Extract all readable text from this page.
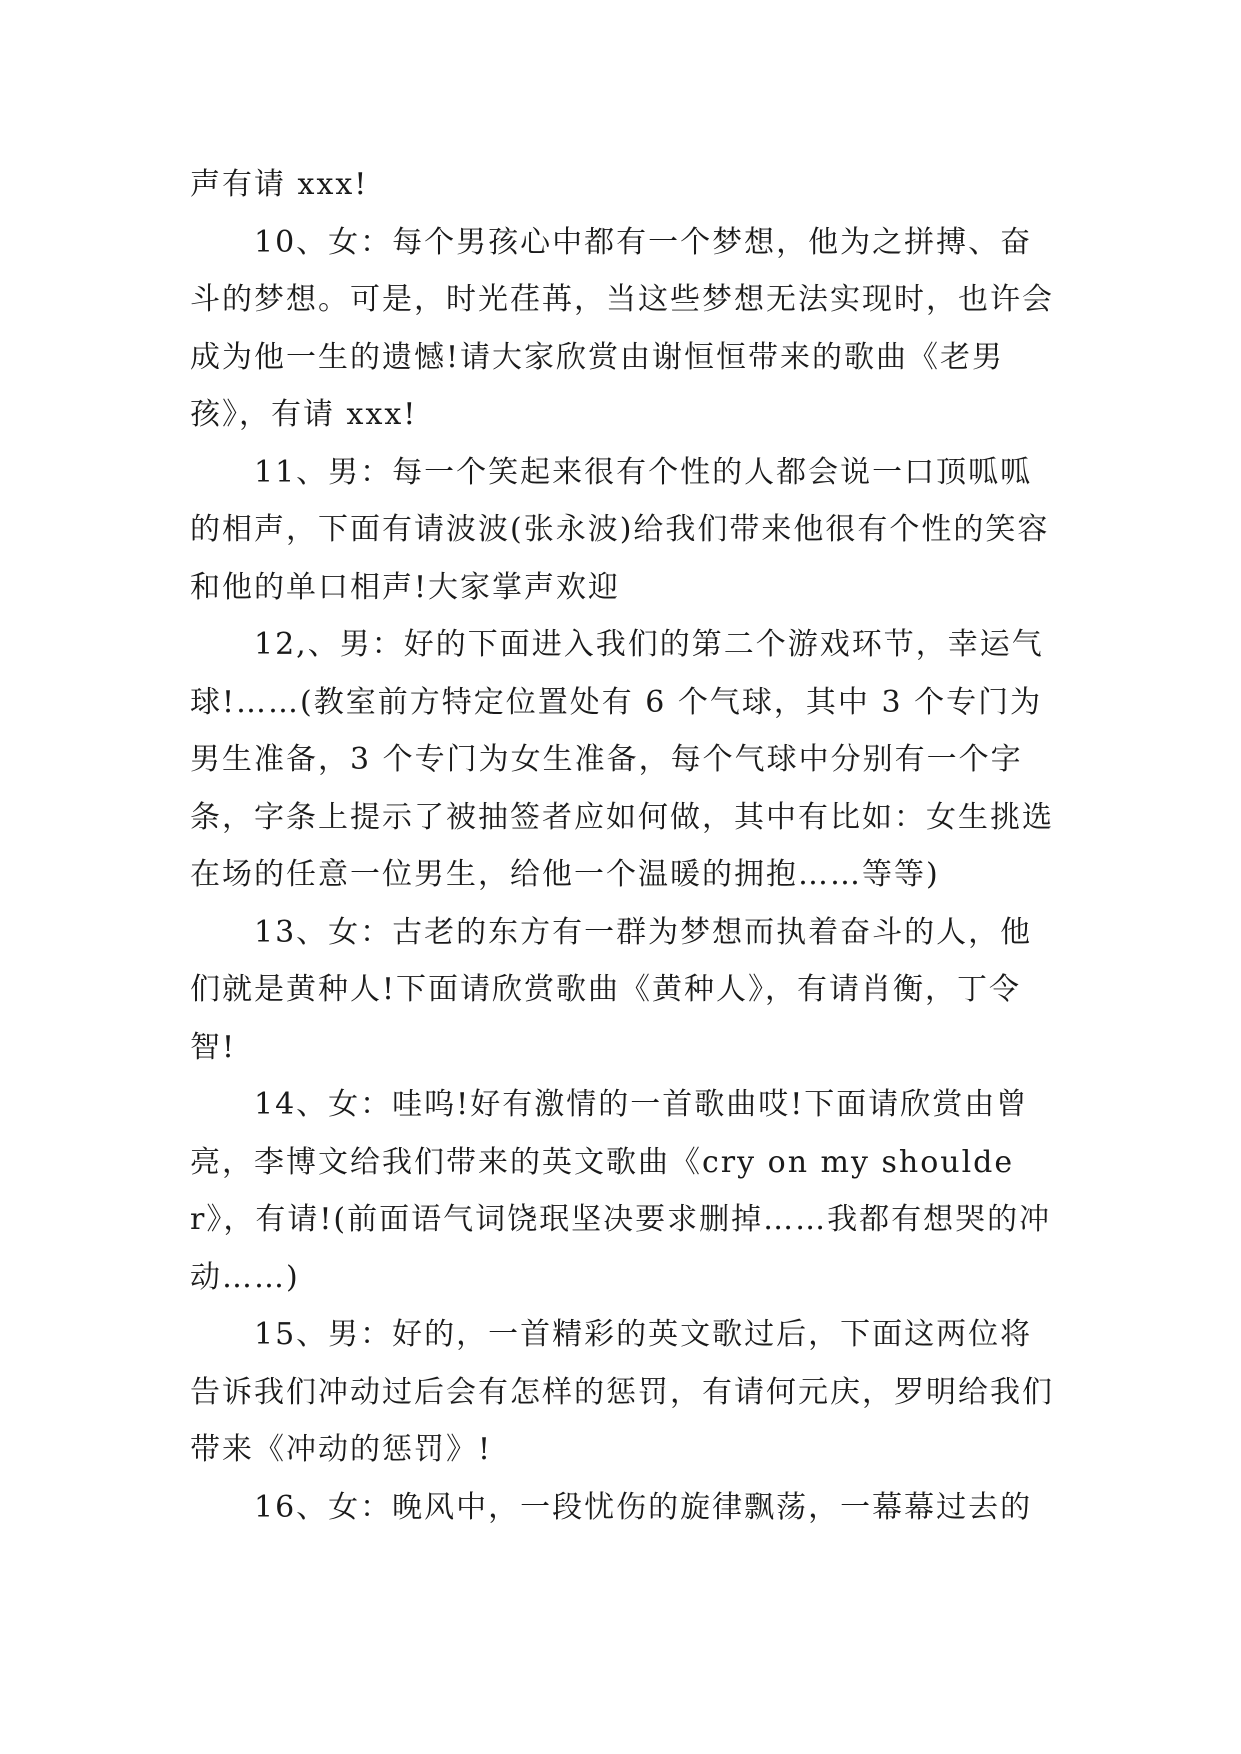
声有请 xxx!

10、女：每个男孩心中都有一个梦想，他为之拼搏、奋斗的梦想。可是，时光荏苒，当这些梦想无法实现时，也许会成为他一生的遗憾!请大家欣赏由谢恒恒带来的歌曲《老男孩》，有请 xxx!

11、男：每一个笑起来很有个性的人都会说一口顶呱呱的相声，下面有请波波(张永波)给我们带来他很有个性的笑容和他的单口相声!大家掌声欢迎

12,、男：好的下面进入我们的第二个游戏环节，幸运气球!……(教室前方特定位置处有 6 个气球，其中 3 个专门为男生准备，3 个专门为女生准备，每个气球中分别有一个字条，字条上提示了被抽签者应如何做，其中有比如：女生挑选在场的任意一位男生，给他一个温暖的拥抱……等等)

13、女：古老的东方有一群为梦想而执着奋斗的人，他们就是黄种人!下面请欣赏歌曲《黄种人》，有请肖衡，丁令智!

14、女：哇呜!好有激情的一首歌曲哎!下面请欣赏由曾亮，李博文给我们带来的英文歌曲《cry on my shoulder》，有请!(前面语气词饶珉坚决要求删掉……我都有想哭的冲动……)

15、男：好的，一首精彩的英文歌过后，下面这两位将告诉我们冲动过后会有怎样的惩罚，有请何元庆，罗明给我们带来《冲动的惩罚》!

16、女：晚风中，一段忧伤的旋律飘荡，一幕幕过去的
